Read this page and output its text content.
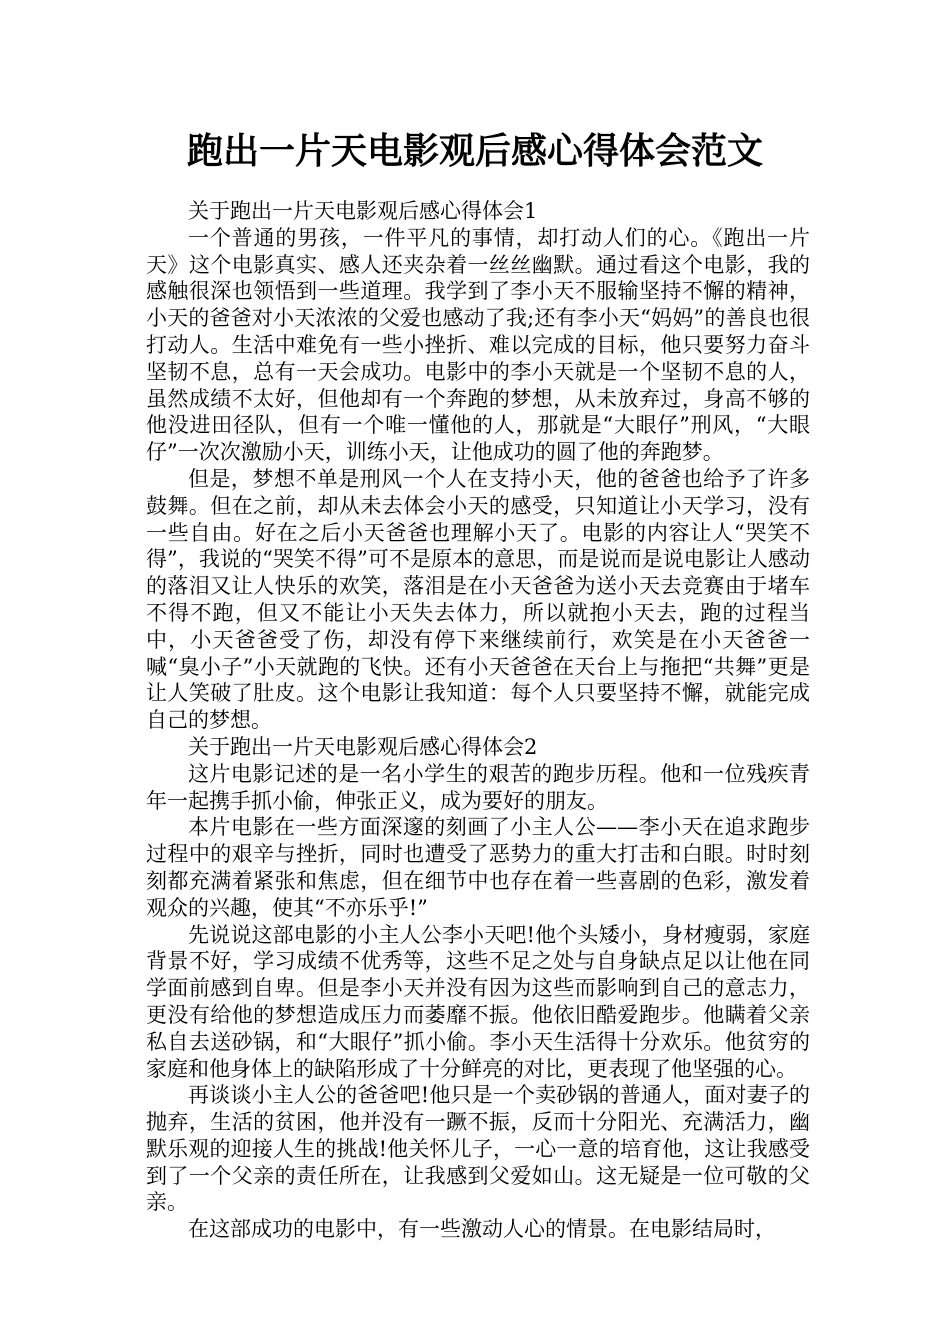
跑出一片天电影观后感心得体会范文

关于跑出一片天电影观后感心得体会1

一个普通的男孩，一件平凡的事情，却打动人们的心。《跑出一片天》这个电影真实、感人还夹杂着一丝丝幽默。通过看这个电影，我的感触很深也领悟到一些道理。我学到了李小天不服输坚持不懈的精神，小天的爸爸对小天浓浓的父爱也感动了我;还有李小天“妈妈”的善良也很打动人。生活中难免有一些小挫折、难以完成的目标，他只要努力奋斗坚韧不息，总有一天会成功。电影中的李小天就是一个坚韧不息的人，虽然成绩不太好，但他却有一个奔跑的梦想，从未放弃过，身高不够的他没进田径队，但有一个唯一懂他的人，那就是“大眼仔”刑风，“大眼仔”一次次激励小天，训练小天，让他成功的圆了他的奔跑梦。

但是，梦想不单是刑风一个人在支持小天，他的爸爸也给予了许多鼓舞。但在之前，却从未去体会小天的感受，只知道让小天学习，没有一些自由。好在之后小天爸爸也理解小天了。电影的内容让人“哭笑不得”，我说的“哭笑不得”可不是原本的意思，而是说而是说电影让人感动的落泪又让人快乐的欢笑，落泪是在小天爸爸为送小天去竞赛由于堵车不得不跑，但又不能让小天失去体力，所以就抱小天去，跑的过程当中，小天爸爸受了伤，却没有停下来继续前行，欢笑是在小天爸爸一喊“臭小子”小天就跑的飞快。还有小天爸爸在天台上与拖把“共舞”更是让人笑破了肚皮。这个电影让我知道：每个人只要坚持不懈，就能完成自己的梦想。

关于跑出一片天电影观后感心得体会2

这片电影记述的是一名小学生的艰苦的跑步历程。他和一位残疾青年一起携手抓小偷，伸张正义，成为要好的朋友。

本片电影在一些方面深邃的刻画了小主人公——李小天在追求跑步过程中的艰辛与挫折，同时也遭受了恶势力的重大打击和白眼。时时刻刻都充满着紧张和焦虑，但在细节中也存在着一些喜剧的色彩，激发着观众的兴趣，使其“不亦乐乎!”

先说说这部电影的小主人公李小天吧!他个头矮小，身材瘦弱，家庭背景不好，学习成绩不优秀等，这些不足之处与自身缺点足以让他在同学面前感到自卑。但是李小天并没有因为这些而影响到自己的意志力，更没有给他的梦想造成压力而萎靡不振。他依旧酷爱跑步。他瞒着父亲私自去送砂锅，和“大眼仔”抓小偷。李小天生活得十分欢乐。他贫穷的家庭和他身体上的缺陷形成了十分鲜亮的对比，更表现了他坚强的心。

再谈谈小主人公的爸爸吧!他只是一个卖砂锅的普通人，面对妻子的抛弃，生活的贫困，他并没有一蹶不振，反而十分阳光、充满活力，幽默乐观的迎接人生的挑战!他关怀儿子，一心一意的培育他，这让我感受到了一个父亲的责任所在，让我感到父爱如山。这无疑是一位可敬的父亲。

在这部成功的电影中，有一些激动人心的情景。在电影结局时，
